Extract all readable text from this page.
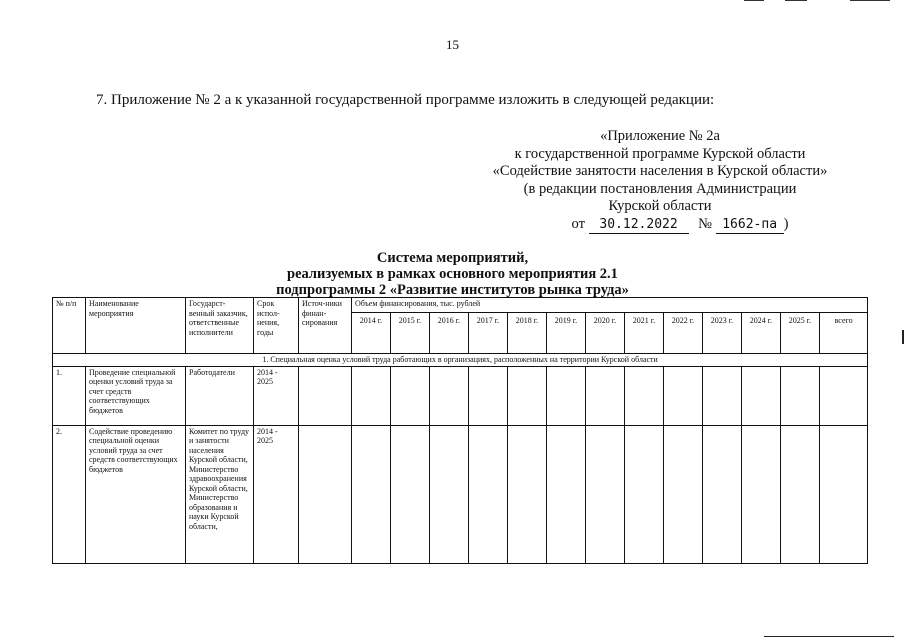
15
7. Приложение № 2 а к указанной государственной программе изложить в следующей редакции:
«Приложение № 2а
к государственной программе Курской области
«Содействие занятости населения в Курской области»
(в редакции постановления Администрации
Курской области
от 30.12.2022 № 1662-па )
Система мероприятий,
реализуемых в рамках основного мероприятия 2.1
подпрограммы 2 «Развитие институтов рынка труда»
№ п/п	Наименование мероприятия	Государст-венный заказчик, ответственные исполнители	Срок испол-нения, годы	Источ-ники финан-сирования	Объем финансирования, тыс. рублей												
					2014 г.	2015 г.	2016 г.	2017 г.	2018 г.	2019 г.	2020 г.	2021 г.	2022 г.	2023 г.	2024 г.	2025 г.	всего
1. Специальная оценка условий труда работающих в организациях, расположенных на территории Курской области																	
1.	Проведение специальной оценки условий труда за счет средств соответствующих бюджетов	Работодатели	2014 - 2025														
2.	Содействие проведению специальной оценки условий труда за счет средств соответствующих бюджетов	Комитет по труду и занятости населения Курской области, Министерство здравоохранения Курской области, Министерство образования и науки Курской области,	2014 - 2025														
